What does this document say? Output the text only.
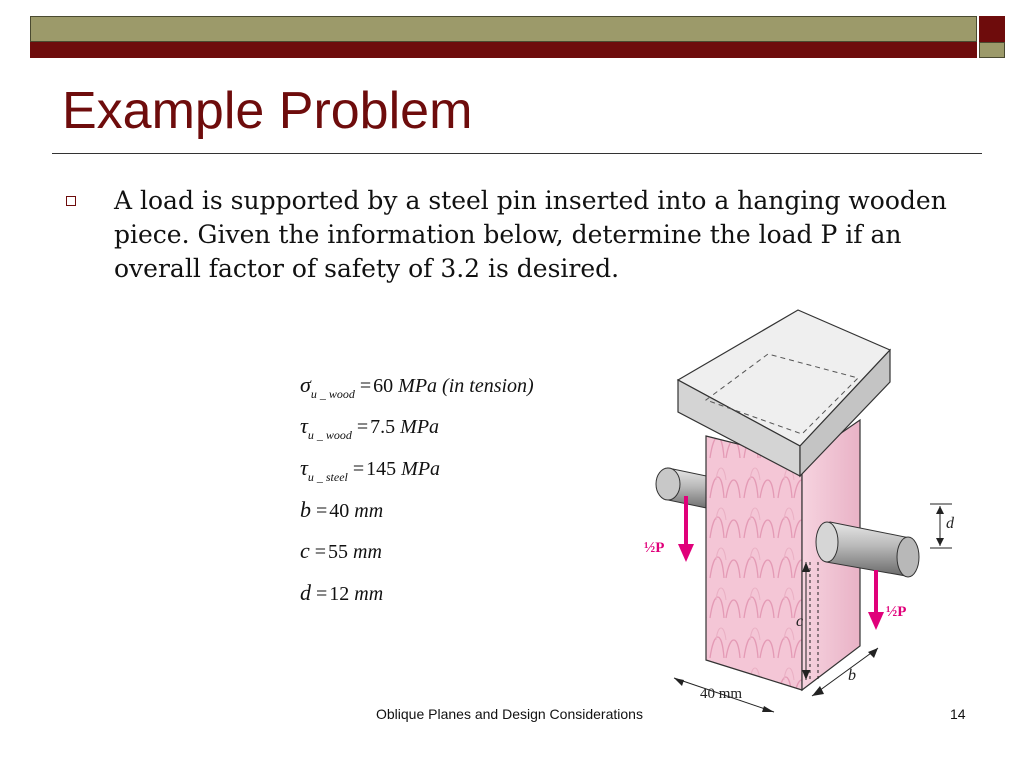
Example Problem

A load is supported by a steel pin inserted into a hanging wooden piece. Given the information below, determine the load P if an overall factor of safety of 3.2 is desired.

$\sigma_{u \_ wood} = 60$ MPa (in tension)
$\tau_{u \_ wood} = 7.5$ MPa
$\tau_{u \_ steel} = 145$ MPa
b = 40 mm
c = 55 mm
d = 12 mm
c
d
b
40 mm
½P
½P
Oblique Planes and Design Considerations	14
